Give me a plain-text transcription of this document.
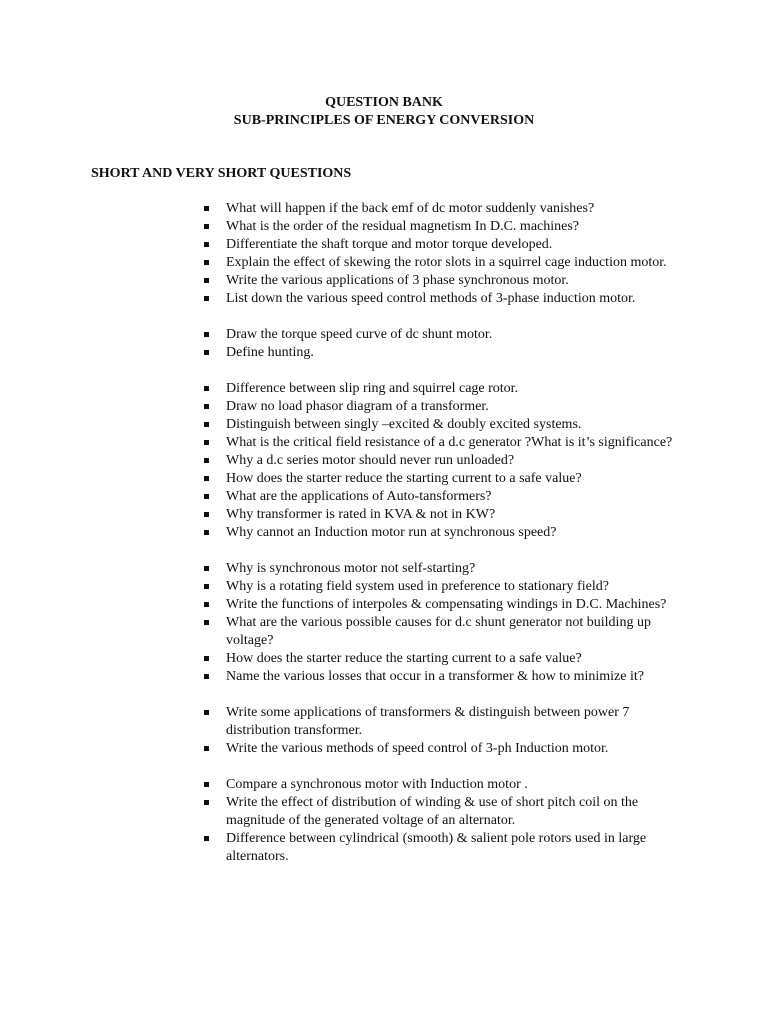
QUESTION BANK
SUB-PRINCIPLES OF ENERGY CONVERSION
SHORT AND VERY SHORT QUESTIONS
What will happen if the back emf of dc motor suddenly vanishes?
What is the order of the residual magnetism In D.C. machines?
Differentiate the shaft torque and motor torque developed.
Explain the effect of skewing the rotor slots in a squirrel cage induction motor.
Write the various applications of 3 phase synchronous motor.
List down the various speed control methods of 3-phase induction motor.
Draw the torque speed curve of dc shunt motor.
Define hunting.
Difference between slip ring and squirrel cage rotor.
Draw no load phasor diagram of a transformer.
Distinguish between singly –excited & doubly excited systems.
What is the critical field resistance of a d.c generator ?What is it’s significance?
Why a d.c series motor should never run unloaded?
How does the starter reduce the starting current to a safe value?
What are the applications of Auto-tansformers?
Why transformer is rated in KVA & not in KW?
Why cannot an Induction motor run at synchronous speed?
Why is synchronous motor not self-starting?
Why is a rotating field system used in preference to stationary field?
Write the functions of interpoles & compensating windings in D.C. Machines?
What are the various possible causes for d.c shunt generator not building up voltage?
How does the starter reduce the starting current to a safe value?
Name the various losses that occur in a transformer & how to minimize it?
Write some applications of transformers & distinguish between power 7 distribution transformer.
Write the various methods of speed control of 3-ph Induction motor.
Compare a synchronous motor with Induction motor .
Write the effect of distribution of winding & use of short pitch coil on the magnitude of the generated voltage of an alternator.
Difference between cylindrical (smooth) & salient pole rotors used in large alternators.
